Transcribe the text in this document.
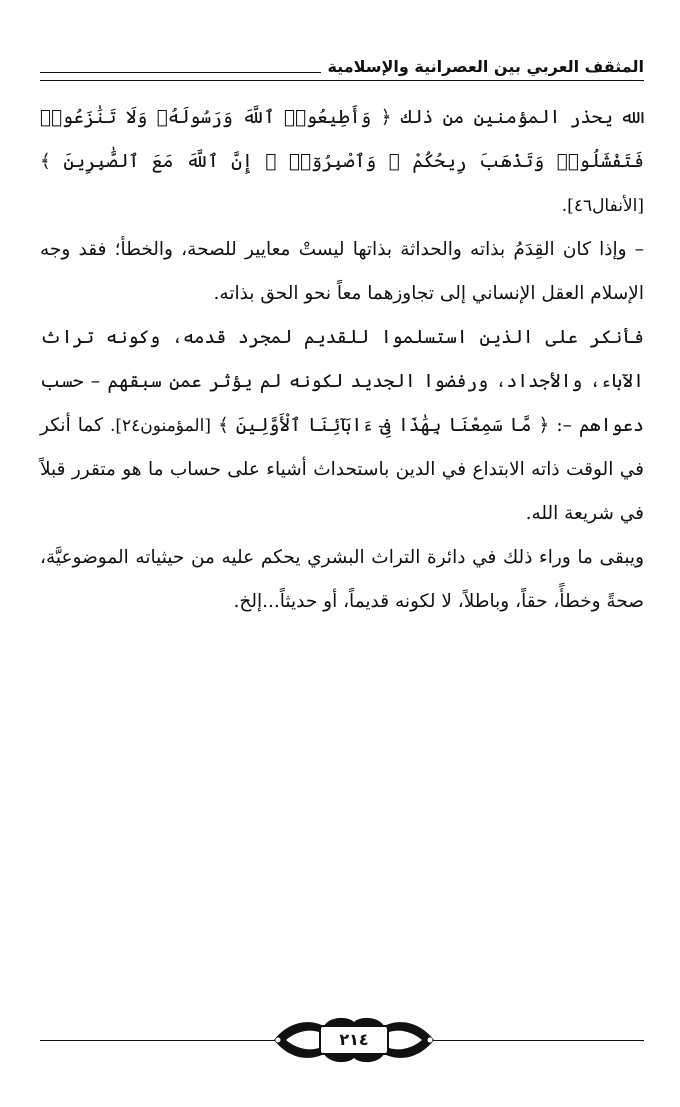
المثقف العربي بين العصرانية والإسلامية

الله يحذر المؤمنين من ذلك ﴿ وَأَطِيعُوا۟ ٱللَّهَ وَرَسُولَهُۥ وَلَا تَنَٰزَعُوا۟ فَتَفْشَلُوا۟ وَتَذْهَبَ رِيحُكُمْ ۖ وَٱصْبِرُوٓا۟ ۚ إِنَّ ٱللَّهَ مَعَ ٱلصَّٰبِرِينَ ﴾ [الأنفال٤٦].

– وإذا كان القِدَمُ بذاته والحداثة بذاتها ليستْ معايير للصحة، والخطأ؛ فقد وجه الإسلام العقل الإنساني إلى تجاوزهما معاً نحو الحق بذاته.

فأنكر على الذين استسلموا للقديم لمجرد قدمه، وكونه تراث الآباء، والأجداد، ورفضوا الجديد لكونه لم يؤثر عمن سبقهم – حسب دعواهم –: ﴿ مَّا سَمِعْنَا بِهَٰذَا فِىٓ ءَابَآئِنَا ٱلْأَوَّلِينَ ﴾ [المؤمنون٢٤]. كما أنكر في الوقت ذاته الابتداع في الدين باستحداث أشياء على حساب ما هو متقرر قبلاً في شريعة الله.

ويبقى ما وراء ذلك في دائرة التراث البشري يحكم عليه من حيثياته الموضوعيَّة، صحةً وخطأً، حقاً، وباطلاً، لا لكونه قديماً، أو حديثاً...إلخ.

٢١٤
